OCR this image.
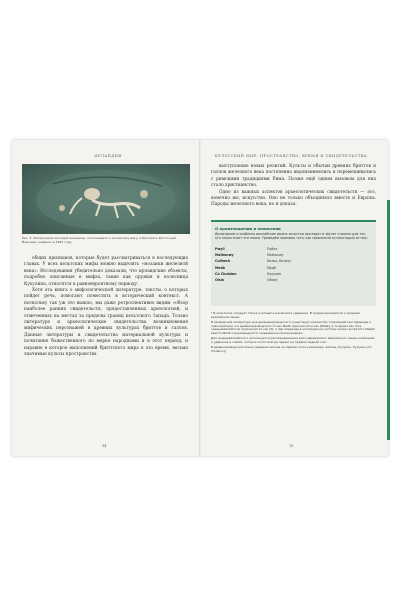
ИРЛАНДИЯ
Рис. 3. Захоронение молодой женщины, относящееся к железному веку, в Балланге, Восточный Йоркшир, найдено в 1983 году.

общих признаков, которые будет рассматриваться в последующих главах. У всех кельтских мифы можно выделить «мозаики железной века». Исследования убедительно доказали, что ирландские объекты, подробно описанные в мифах, такие как оружия и колесница Кухулина, относятся к равновероятному периоду.

Хотя эта книга о мифологической литературе, тексты, о которых пойдет речь, помогают поместить в исторический контекст. А поскольку так уж это вышло, мы даже ретроспективно видим «обзор наиболее ранних свидетельств, предоставленных археологией, и отмеченных на местах за пределы границ кельтского Запада. Только литературе и археологические свидетельства возникновения мифических персонажей в древних культурах бриттов и галлов. Данные литературы и свидетельства материальной культуры и почитание божественного по мерке народными и в этот период, и наравне в которое выполнений бриттского мира в это время, весьма значимые культы пространства

14
КЕЛЬТСКИЙ МИР: ПРОСТРАНСТВО, ВРЕМЯ И СВИДЕТЕЛЬСТВА

выступление новых религий. Культы и обычаи древних бриттов и галлов железного века постепенно видоизменялись и перемешивались с римскими традициями Рима. Позже ещё одним вызовом для них стало христианство.

Одно из важных аспектов археологических свидетельств — это, конечно же, искусство. Оно не только объединяло вместе и Европы. Пароды железного века, но и доказа-

О произношении и написании
Ирландские и особенно валлийские имена зачастую выглядят и звучат странно для тех, кто плохо знает эти языки. Приведём примеры того, как произносятся некоторые из них:
Pwyll	Пуйхл
Mathonwy	Mathonwy
Culhwch	Кильх, Килхуч
Medb	Мэдб
Cú Chulainn	Кухулин
Oisín	Ойсин

* В кельтском. Следует также учитывать различия в ударении. В средне-ирландском и среднем валлийском языке.

В ирландской литературе для древненирландского существует множество толкований при переводе и транскрипции, а в древненирландском ch как Medb произносится как [Мэйв], в то время как dd в средневаллийском произносится как [ð], а при переходе в шотландскую систему можно встретить Maebh вместо Medb и рекомендуется современное произношение.

Для средневаллийского используется рекомендованное для современного валлийского языка написание и ударение в словах, которое почти всегда падает на предпоследний слог.

В древнеирландском языке ударение всегда на первом слоге (например, Айлиль, Кухулин, Кухулин (Cú Chulainn)).

15
